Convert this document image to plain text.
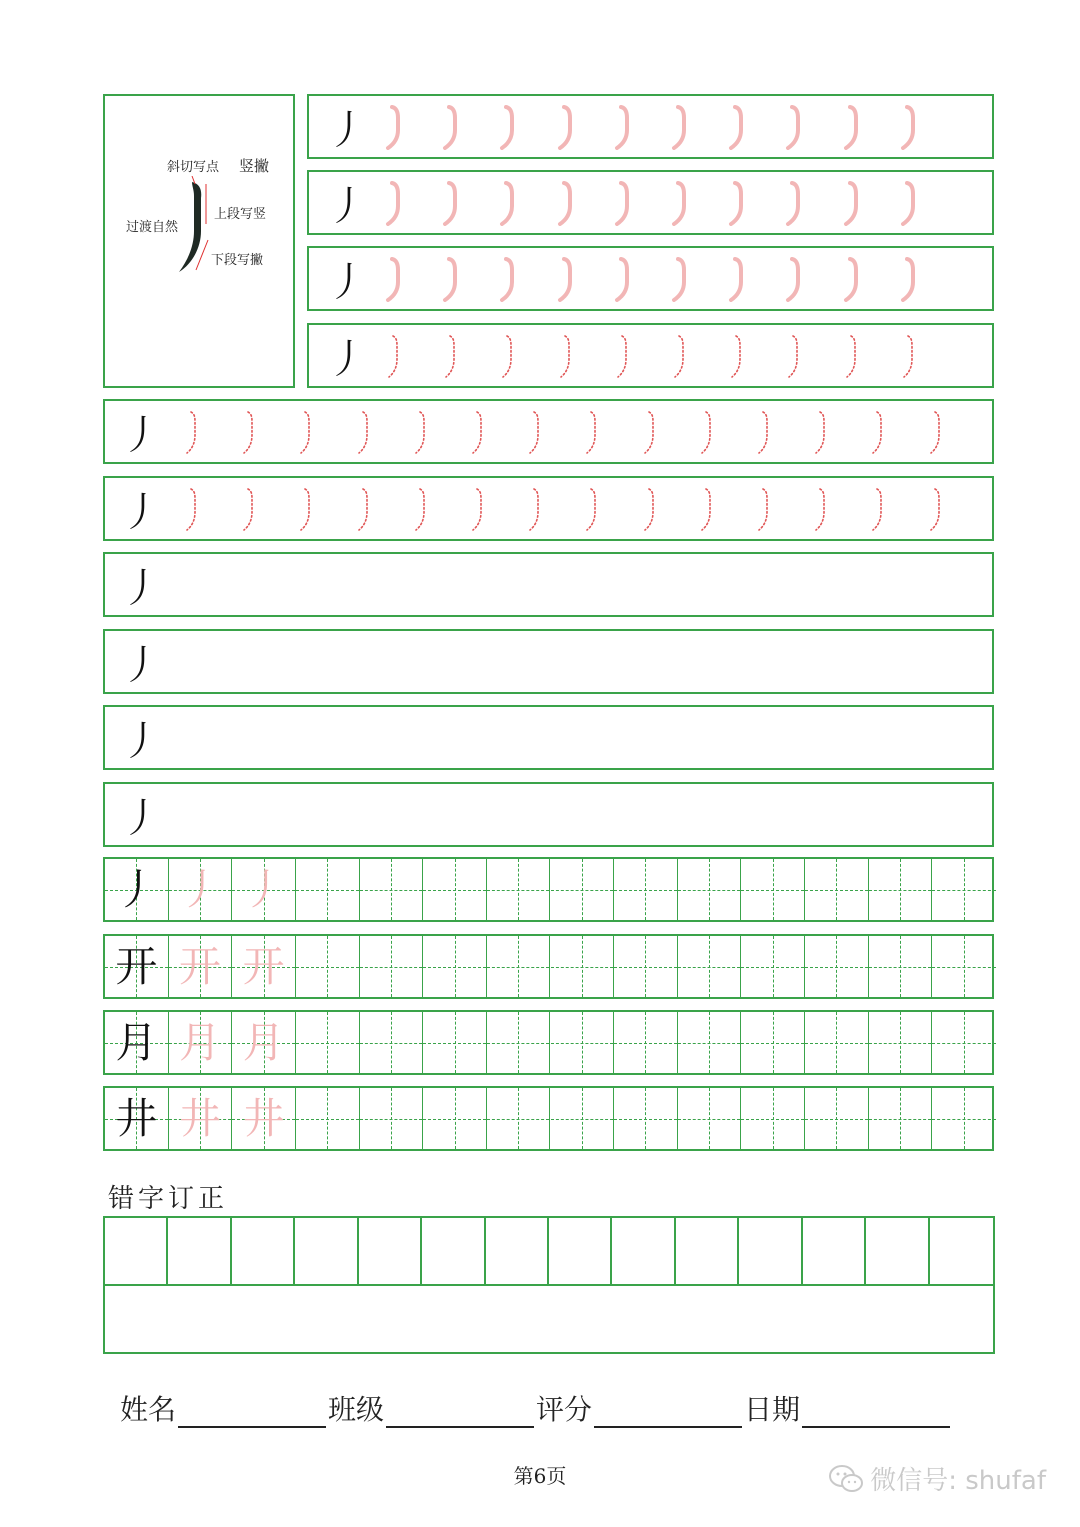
斜切写点 竖撇
上段写竖
过渡自然
下段写撇
丿
丿
丿
丿
丿
丿
丿
丿
丿
丿
丿 丿 丿
开 开 开
月 月 月
井 井 井
错字订正
姓名	班级	评分	日期
第6页	微信号: shufaf
